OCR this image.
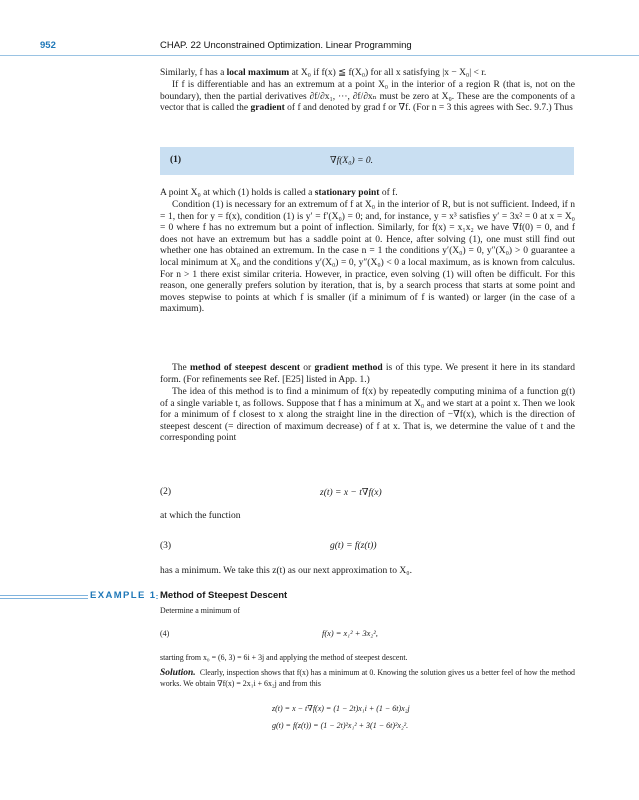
952	CHAP. 22 Unconstrained Optimization. Linear Programming

Similarly, f has a local maximum at X₀ if f(x) ≦ f(X₀) for all x satisfying |x − X₀| < r.

If f is differentiable and has an extremum at a point X₀ in the interior of a region R (that is, not on the boundary), then the partial derivatives ∂f/∂x₁, ···, ∂f/∂xₙ must be zero at X₀. These are the components of a vector that is called the gradient of f and denoted by grad f or ∇f. (For n = 3 this agrees with Sec. 9.7.) Thus

(1)	∇f(X₀) = 0.

A point X₀ at which (1) holds is called a stationary point of f.

Condition (1) is necessary for an extremum of f at X₀ in the interior of R, but is not sufficient. Indeed, if n = 1, then for y = f(x), condition (1) is y′ = f′(X₀) = 0; and, for instance, y = x³ satisfies y′ = 3x² = 0 at x = X₀ = 0 where f has no extremum but a point of inflection. Similarly, for f(x) = x₁x₂ we have ∇f(0) = 0, and f does not have an extremum but has a saddle point at 0. Hence, after solving (1), one must still find out whether one has obtained an extremum. In the case n = 1 the conditions y′(X₀) = 0, y″(X₀) > 0 guarantee a local minimum at X₀ and the conditions y′(X₀) = 0, y″(X₀) < 0 a local maximum, as is known from calculus. For n > 1 there exist similar criteria. However, in practice, even solving (1) will often be difficult. For this reason, one generally prefers solution by iteration, that is, by a search process that starts at some point and moves stepwise to points at which f is smaller (if a minimum of f is wanted) or larger (in the case of a maximum).

The method of steepest descent or gradient method is of this type. We present it here in its standard form. (For refinements see Ref. [E25] listed in App. 1.)

The idea of this method is to find a minimum of f(x) by repeatedly computing minima of a function g(t) of a single variable t, as follows. Suppose that f has a minimum at X₀ and we start at a point x. Then we look for a minimum of f closest to x along the straight line in the direction of −∇f(x), which is the direction of steepest descent (= direction of maximum decrease) of f at x. That is, we determine the value of t and the corresponding point

(2)	z(t) = x − t∇f(x)

at which the function

(3)	g(t) = f(z(t))

has a minimum. We take this z(t) as our next approximation to X₀.

EXAMPLE 1 Method of Steepest Descent

Determine a minimum of

(4)	f(x) = x₁² + 3x₂²,

starting from x₀ = (6, 3) = 6i + 3j and applying the method of steepest descent.

Solution. Clearly, inspection shows that f(x) has a minimum at 0. Knowing the solution gives us a better feel of how the method works. We obtain ∇f(x) = 2x₁i + 6x₂j and from this

z(t) = x − t∇f(x) = (1 − 2t)x₁i + (1 − 6t)x₂j
g(t) = f(z(t)) = (1 − 2t)²x₁² + 3(1 − 6t)²x₂².
